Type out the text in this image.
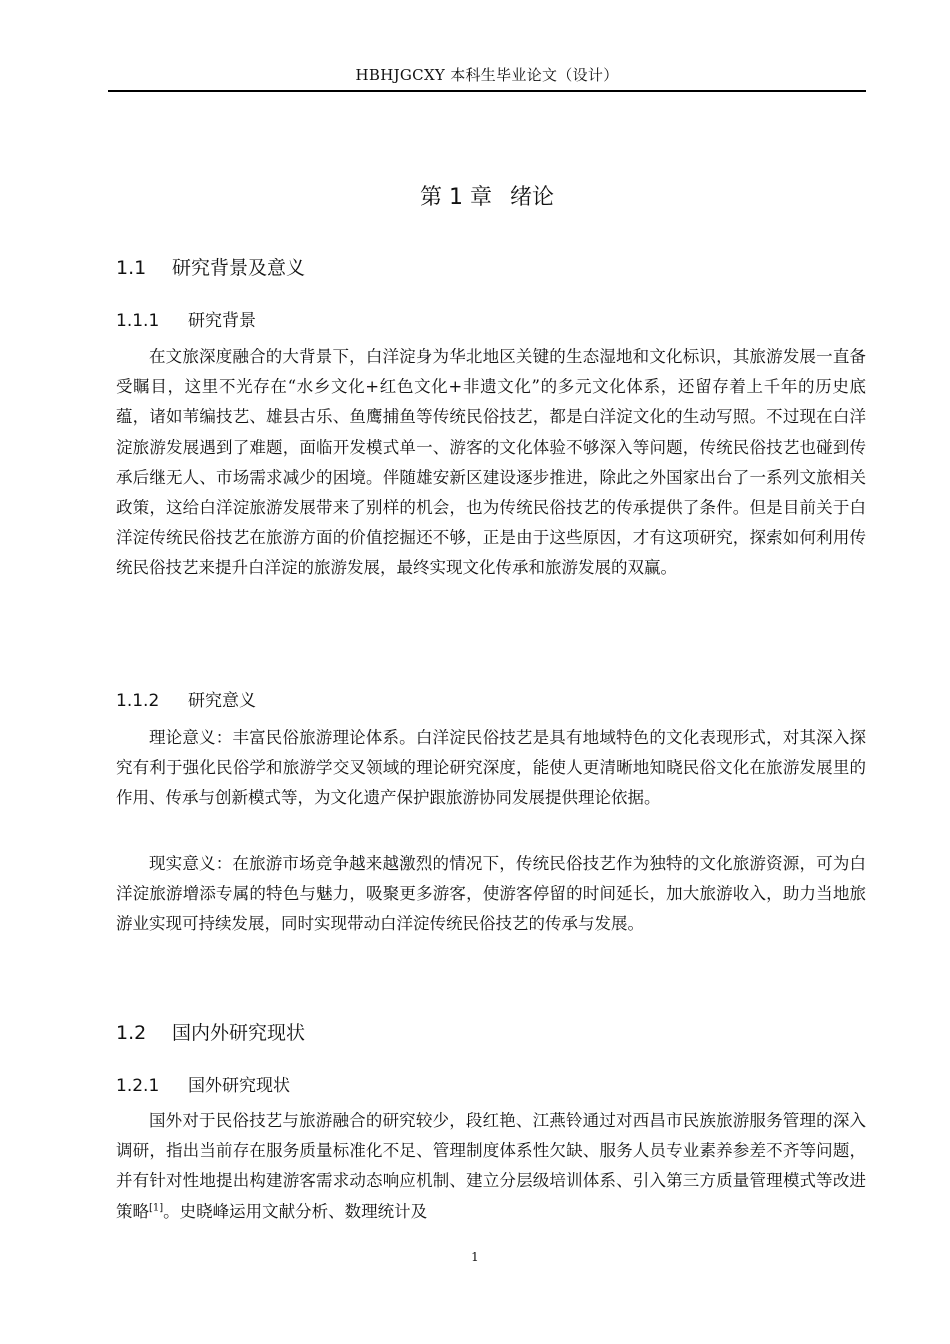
HBHJGCXY 本科生毕业论文（设计）
第 1 章 绪论
1.1 研究背景及意义
1.1.1 研究背景

在文旅深度融合的大背景下，白洋淀身为华北地区关键的生态湿地和文化标识，其旅游发展一直备受瞩目，这里不光存在“水乡文化+红色文化+非遗文化”的多元文化体系，还留存着上千年的历史底蕴，诸如苇编技艺、雄县古乐、鱼鹰捕鱼等传统民俗技艺，都是白洋淀文化的生动写照。不过现在白洋淀旅游发展遇到了难题，面临开发模式单一、游客的文化体验不够深入等问题，传统民俗技艺也碰到传承后继无人、市场需求减少的困境。伴随雄安新区建设逐步推进，除此之外国家出台了一系列文旅相关政策，这给白洋淀旅游发展带来了别样的机会，也为传统民俗技艺的传承提供了条件。但是目前关于白洋淀传统民俗技艺在旅游方面的价值挖掘还不够，正是由于这些原因，才有这项研究，探索如何利用传统民俗技艺来提升白洋淀的旅游发展，最终实现文化传承和旅游发展的双赢。

1.1.2 研究意义

理论意义：丰富民俗旅游理论体系。白洋淀民俗技艺是具有地域特色的文化表现形式，对其深入探究有利于强化民俗学和旅游学交叉领域的理论研究深度，能使人更清晰地知晓民俗文化在旅游发展里的作用、传承与创新模式等，为文化遗产保护跟旅游协同发展提供理论依据。

现实意义：在旅游市场竞争越来越激烈的情况下，传统民俗技艺作为独特的文化旅游资源，可为白洋淀旅游增添专属的特色与魅力，吸聚更多游客，使游客停留的时间延长，加大旅游收入，助力当地旅游业实现可持续发展，同时实现带动白洋淀传统民俗技艺的传承与发展。

1.2 国内外研究现状
1.2.1 国外研究现状

国外对于民俗技艺与旅游融合的研究较少，段红艳、江燕铃通过对西昌市民族旅游服务管理的深入调研，指出当前存在服务质量标准化不足、管理制度体系性欠缺、服务人员专业素养参差不齐等问题，并有针对性地提出构建游客需求动态响应机制、建立分层级培训体系、引入第三方质量管理模式等改进策略[1]。史晓峰运用文献分析、数理统计及

1
